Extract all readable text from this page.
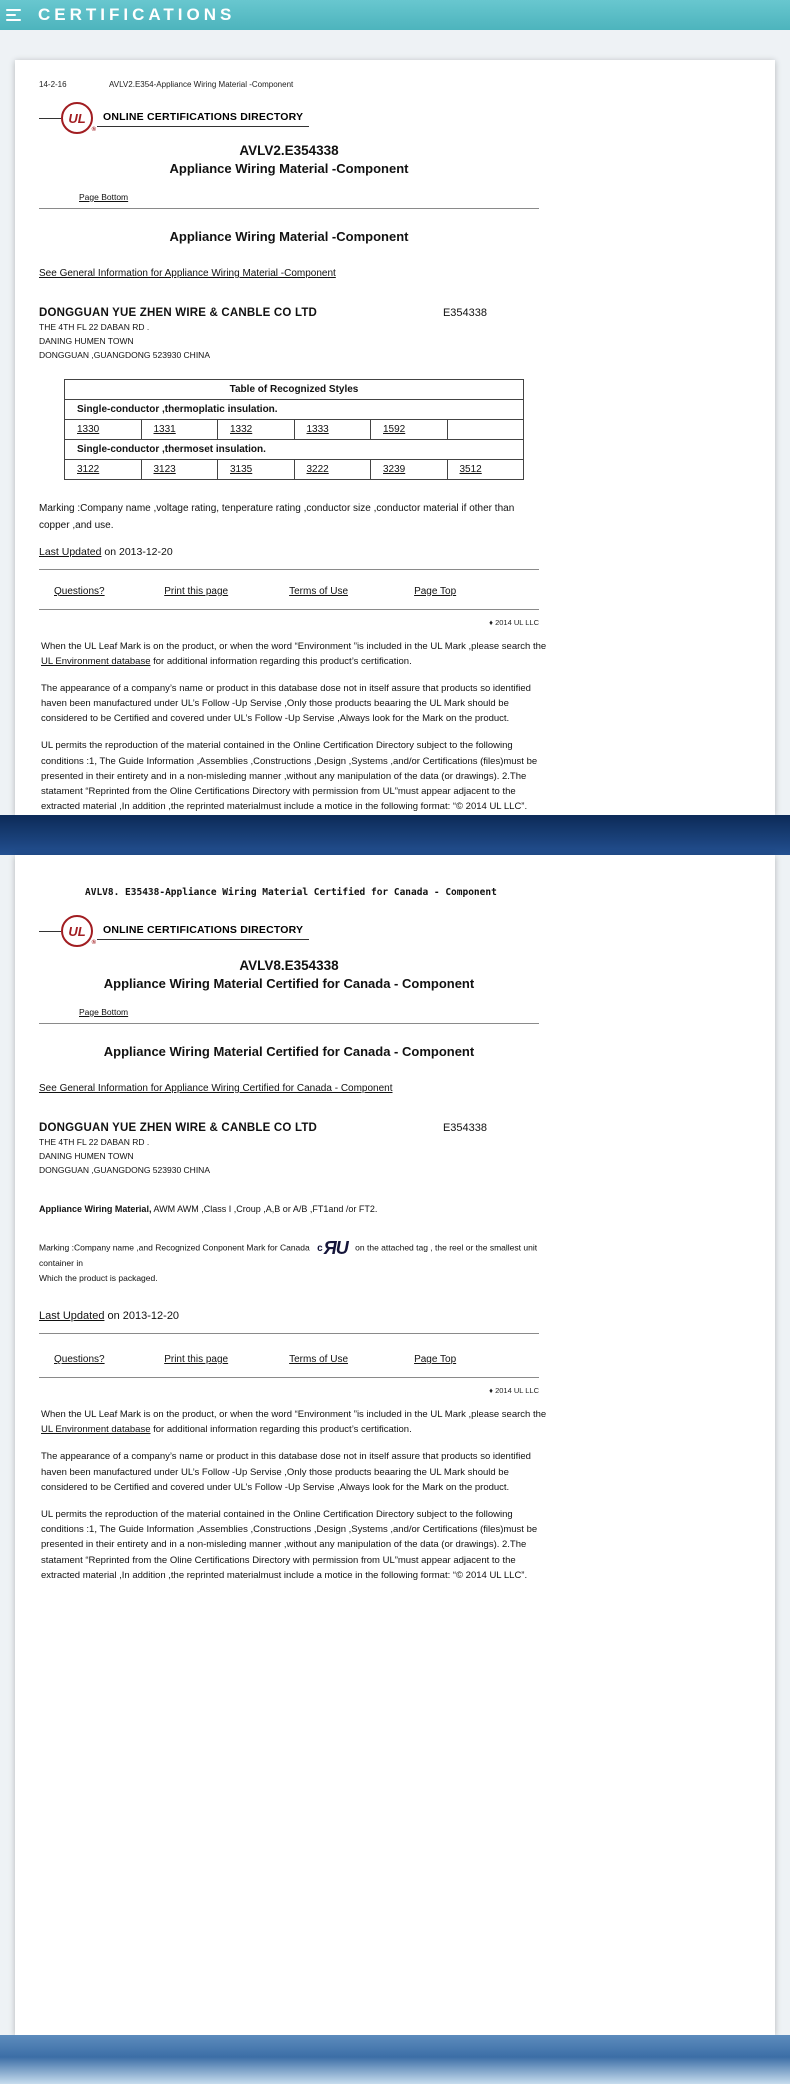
CERTIFICATIONS
14-2-16	AVLV2.E354-Appliance Wiring Material -Component
UL
®
ONLINE CERTIFICATIONS DIRECTORY
AVLV2.E354338
Appliance Wiring Material -Component
Page Bottom
Appliance Wiring Material -Component
See General Information for Appliance Wiring Material -Component
DONGGUAN YUE ZHEN WIRE & CANBLE CO LTD	E354338
THE 4TH FL 22 DABAN RD .
DANING HUMEN TOWN
DONGGUAN ,GUANGDONG 523930 CHINA
Table of Recognized Styles					
Single-conductor ,thermoplatic insulation.					
1330	1331	1332	1333	1592	
Single-conductor ,thermoset insulation.					
3122	3123	3135	3222	3239	3512

Marking :Company name ,voltage rating, tenperature rating ,conductor size ,conductor material if other than copper ,and use.

Last Updated on 2013-12-20

Questions?	Print this page	Terms of Use	Page Top
♦ 2014 UL LLC

When the UL Leaf Mark is on the product, or when the word “Environment ”is included in the UL Mark ,please search the UL Environment database for additional information regarding this product’s certification.

The appearance of a company’s name or product in this database dose not in itself assure that products so identified haven been manufactured under UL’s Follow -Up Servise ,Only those products beaaring the UL Mark should be considered to be Certified and covered under UL’s Follow -Up Servise ,Always look for the Mark on the product.

UL permits the reproduction of the material contained in the Online Certification Directory subject to the following conditions :1, The Guide Information ,Assemblies ,Constructions ,Design ,Systems ,and/or Certifications (files)must be presented in their entirety and in a non-misleding manner ,without any manipulation of the data (or drawings). 2.The statament “Reprinted from the Oline Certifications Directory with permission from UL”must appear adjacent to the extracted material ,In addition ,the reprinted materialmust include a motice in the following format: “© 2014 UL LLC”.

AVLV8. E35438-Appliance Wiring Material Certified for Canada - Component
UL
®
ONLINE CERTIFICATIONS DIRECTORY
AVLV8.E354338
Appliance Wiring Material Certified for Canada - Component
Page Bottom
Appliance Wiring Material Certified for Canada - Component
See General Information for Appliance Wiring Certified for Canada - Component
DONGGUAN YUE ZHEN WIRE & CANBLE CO LTD	E354338
THE 4TH FL 22 DABAN RD .
DANING HUMEN TOWN
DONGGUAN ,GUANGDONG 523930 CHINA

Appliance Wiring Material, AWM AWM ,Class I ,Croup ,A,B or A/B ,FT1and /or FT2.

Marking :Company name ,and Recognized Conponent Mark for Canada c ЯU on the attached tag , the reel or the smallest unit container in
Which the product is packaged.

Last Updated on 2013-12-20

Questions?	Print this page	Terms of Use	Page Top
♦ 2014 UL LLC

When the UL Leaf Mark is on the product, or when the word “Environment ”is included in the UL Mark ,please search the UL Environment database for additional information regarding this product’s certification.

The appearance of a company’s name or product in this database dose not in itself assure that products so identified haven been manufactured under UL’s Follow -Up Servise ,Only those products beaaring the UL Mark should be considered to be Certified and covered under UL’s Follow -Up Servise ,Always look for the Mark on the product.

UL permits the reproduction of the material contained in the Online Certification Directory subject to the following conditions :1, The Guide Information ,Assemblies ,Constructions ,Design ,Systems ,and/or Certifications (files)must be presented in their entirety and in a non-misleding manner ,without any manipulation of the data (or drawings). 2.The statament “Reprinted from the Oline Certifications Directory with permission from UL”must appear adjacent to the extracted material ,In addition ,the reprinted materialmust include a motice in the following format: “© 2014 UL LLC”.
